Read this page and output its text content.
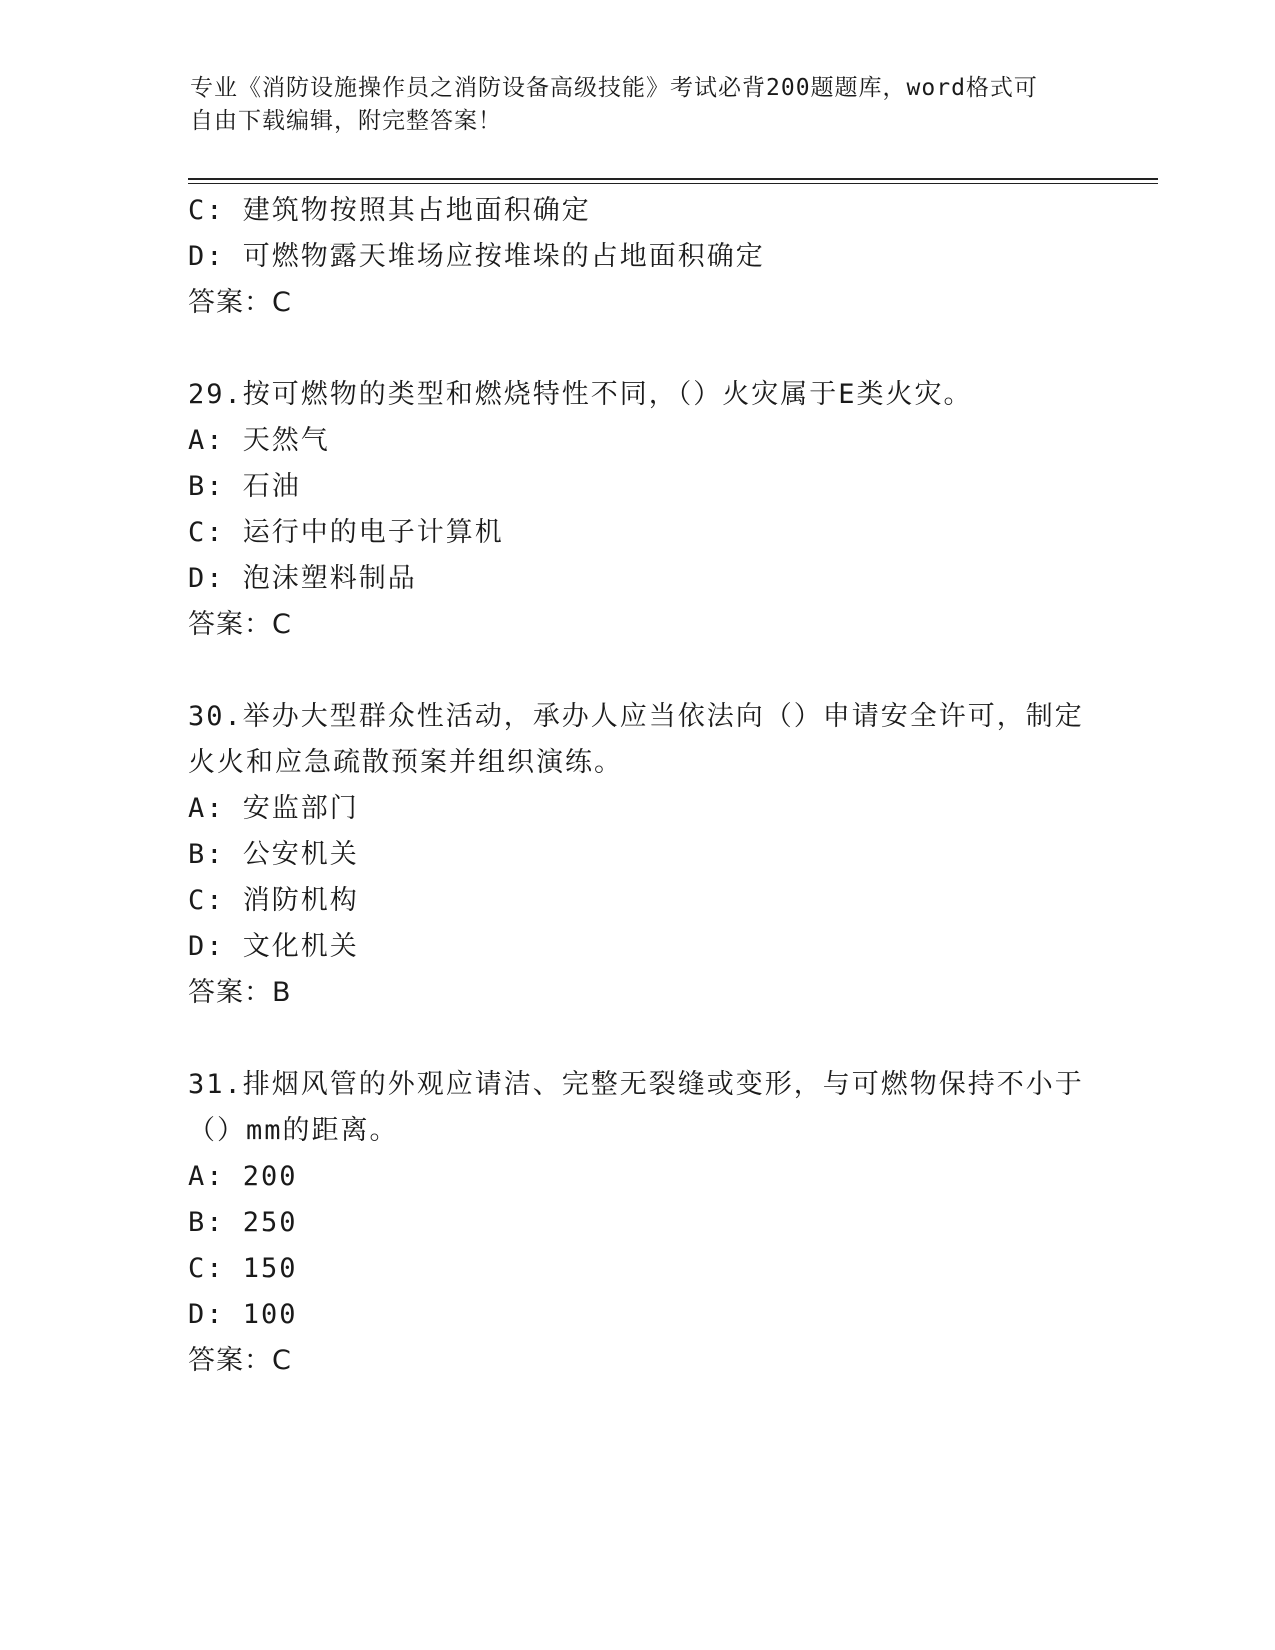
专业《消防设施操作员之消防设备高级技能》考试必背200题题库，word格式可
自由下载编辑，附完整答案！
C: 建筑物按照其占地面积确定
D: 可燃物露天堆场应按堆垛的占地面积确定
答案：C
29.按可燃物的类型和燃烧特性不同，（）火灾属于E类火灾。
A: 天然气
B: 石油
C: 运行中的电子计算机
D: 泡沫塑料制品
答案：C
30.举办大型群众性活动，承办人应当依法向（）申请安全许可，制定
火火和应急疏散预案并组织演练。
A: 安监部门
B: 公安机关
C: 消防机构
D: 文化机关
答案：B
31.排烟风管的外观应请洁、完整无裂缝或变形，与可燃物保持不小于
（）mm的距离。
A: 200
B: 250
C: 150
D: 100
答案：C
